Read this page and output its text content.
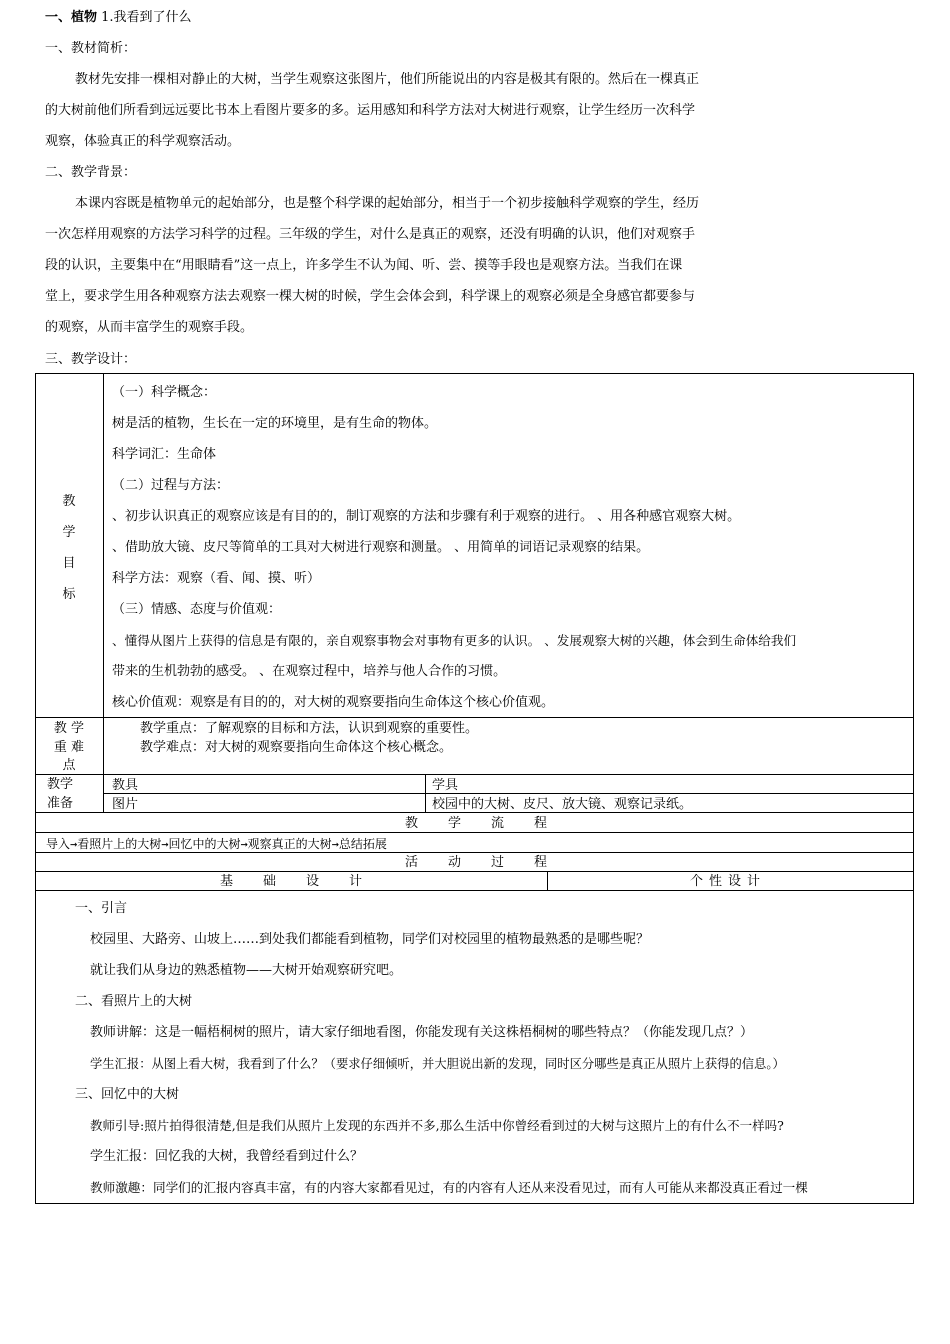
一、植物 1.我看到了什么
一、教材简析：
教材先安排一棵相对静止的大树，当学生观察这张图片，他们所能说出的内容是极其有限的。然后在一棵真正
的大树前他们所看到远远要比书本上看图片要多的多。运用感知和科学方法对大树进行观察，让学生经历一次科学
观察，体验真正的科学观察活动。
二、教学背景：
本课内容既是植物单元的起始部分，也是整个科学课的起始部分，相当于一个初步接触科学观察的学生，经历
一次怎样用观察的方法学习科学的过程。三年级的学生，对什么是真正的观察，还没有明确的认识，他们对观察手
段的认识，主要集中在“用眼睛看”这一点上，许多学生不认为闻、听、尝、摸等手段也是观察方法。当我们在课
堂上，要求学生用各种观察方法去观察一棵大树的时候，学生会体会到，科学课上的观察必须是全身感官都要参与
的观察，从而丰富学生的观察手段。
三、教学设计：
教
学
目
标
（一）科学概念：
树是活的植物，生长在一定的环境里，是有生命的物体。
科学词汇：生命体
（二）过程与方法：
、初步认识真正的观察应该是有目的的，制订观察的方法和步骤有利于观察的进行。 、用各种感官观察大树。
、借助放大镜、皮尺等简单的工具对大树进行观察和测量。 、用简单的词语记录观察的结果。
科学方法：观察（看、闻、摸、听）
（三）情感、态度与价值观：
、懂得从图片上获得的信息是有限的，亲自观察事物会对事物有更多的认识。 、发展观察大树的兴趣，体会到生命体给我们
带来的生机勃勃的感受。 、在观察过程中，培养与他人合作的习惯。
核心价值观：观察是有目的的，对大树的观察要指向生命体这个核心价值观。
教 学
重 难
点
教学重点：了解观察的目标和方法，认识到观察的重要性。
教学难点：对大树的观察要指向生命体这个核心概念。
教学
准备
教具	学具
图片	校园中的大树、皮尺、放大镜、观察记录纸。
教学流程
导入→看照片上的大树→回忆中的大树→观察真正的大树→总结拓展
活动过程
基础设计	个性设计
一、引言
校园里、大路旁、山坡上……到处我们都能看到植物，同学们对校园里的植物最熟悉的是哪些呢？
就让我们从身边的熟悉植物——大树开始观察研究吧。
二、看照片上的大树
教师讲解：这是一幅梧桐树的照片，请大家仔细地看图，你能发现有关这株梧桐树的哪些特点？（你能发现几点？）
学生汇报：从图上看大树，我看到了什么？（要求仔细倾听，并大胆说出新的发现，同时区分哪些是真正从照片上获得的信息。）
三、回忆中的大树
教师引导:照片拍得很清楚,但是我们从照片上发现的东西并不多,那么生活中你曾经看到过的大树与这照片上的有什么不一样吗?
学生汇报：回忆我的大树，我曾经看到过什么？
教师激趣：同学们的汇报内容真丰富，有的内容大家都看见过，有的内容有人还从来没看见过，而有人可能从来都没真正看过一棵
